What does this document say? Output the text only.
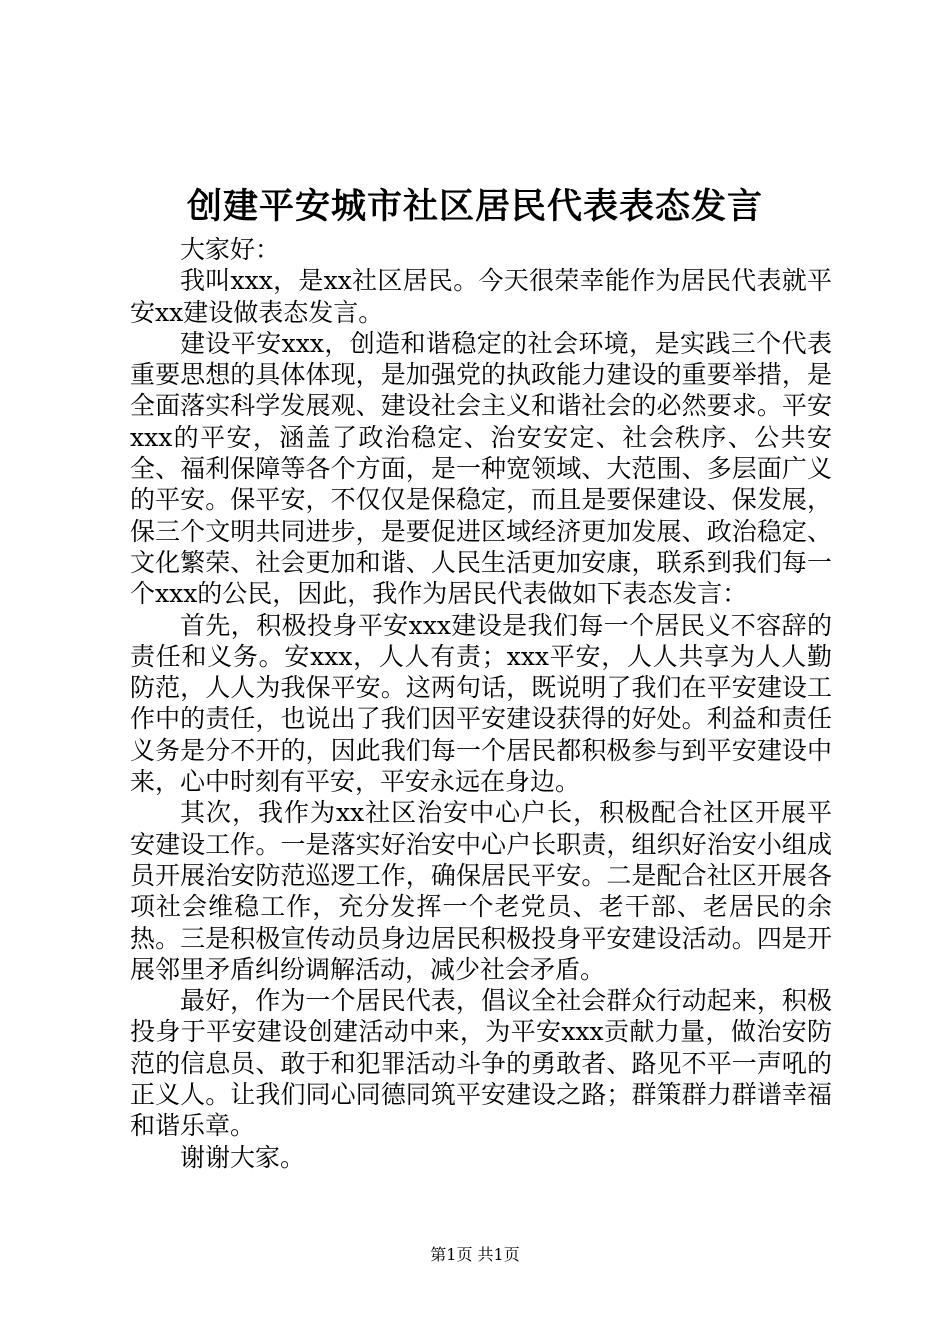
创建平安城市社区居民代表表态发言

大家好：

我叫xxx，是xx社区居民。今天很荣幸能作为居民代表就平安xx建设做表态发言。

建设平安xxx，创造和谐稳定的社会环境，是实践三个代表重要思想的具体体现，是加强党的执政能力建设的重要举措，是全面落实科学发展观、建设社会主义和谐社会的必然要求。平安xxx的平安，涵盖了政治稳定、治安安定、社会秩序、公共安全、福利保障等各个方面，是一种宽领域、大范围、多层面广义的平安。保平安，不仅仅是保稳定，而且是要保建设、保发展，保三个文明共同进步，是要促进区域经济更加发展、政治稳定、文化繁荣、社会更加和谐、人民生活更加安康，联系到我们每一个xxx的公民，因此，我作为居民代表做如下表态发言：

首先，积极投身平安xxx建设是我们每一个居民义不容辞的责任和义务。安xxx，人人有责；xxx平安，人人共享为人人勤防范，人人为我保平安。这两句话，既说明了我们在平安建设工作中的责任，也说出了我们因平安建设获得的好处。利益和责任义务是分不开的，因此我们每一个居民都积极参与到平安建设中来，心中时刻有平安，平安永远在身边。

其次，我作为xx社区治安中心户长，积极配合社区开展平安建设工作。一是落实好治安中心户长职责，组织好治安小组成员开展治安防范巡逻工作，确保居民平安。二是配合社区开展各项社会维稳工作，充分发挥一个老党员、老干部、老居民的余热。三是积极宣传动员身边居民积极投身平安建设活动。四是开展邻里矛盾纠纷调解活动，减少社会矛盾。

最好，作为一个居民代表，倡议全社会群众行动起来，积极投身于平安建设创建活动中来，为平安xxx贡献力量，做治安防范的信息员、敢于和犯罪活动斗争的勇敢者、路见不平一声吼的正义人。让我们同心同德同筑平安建设之路；群策群力群谱幸福和谐乐章。

谢谢大家。

第1页 共1页
